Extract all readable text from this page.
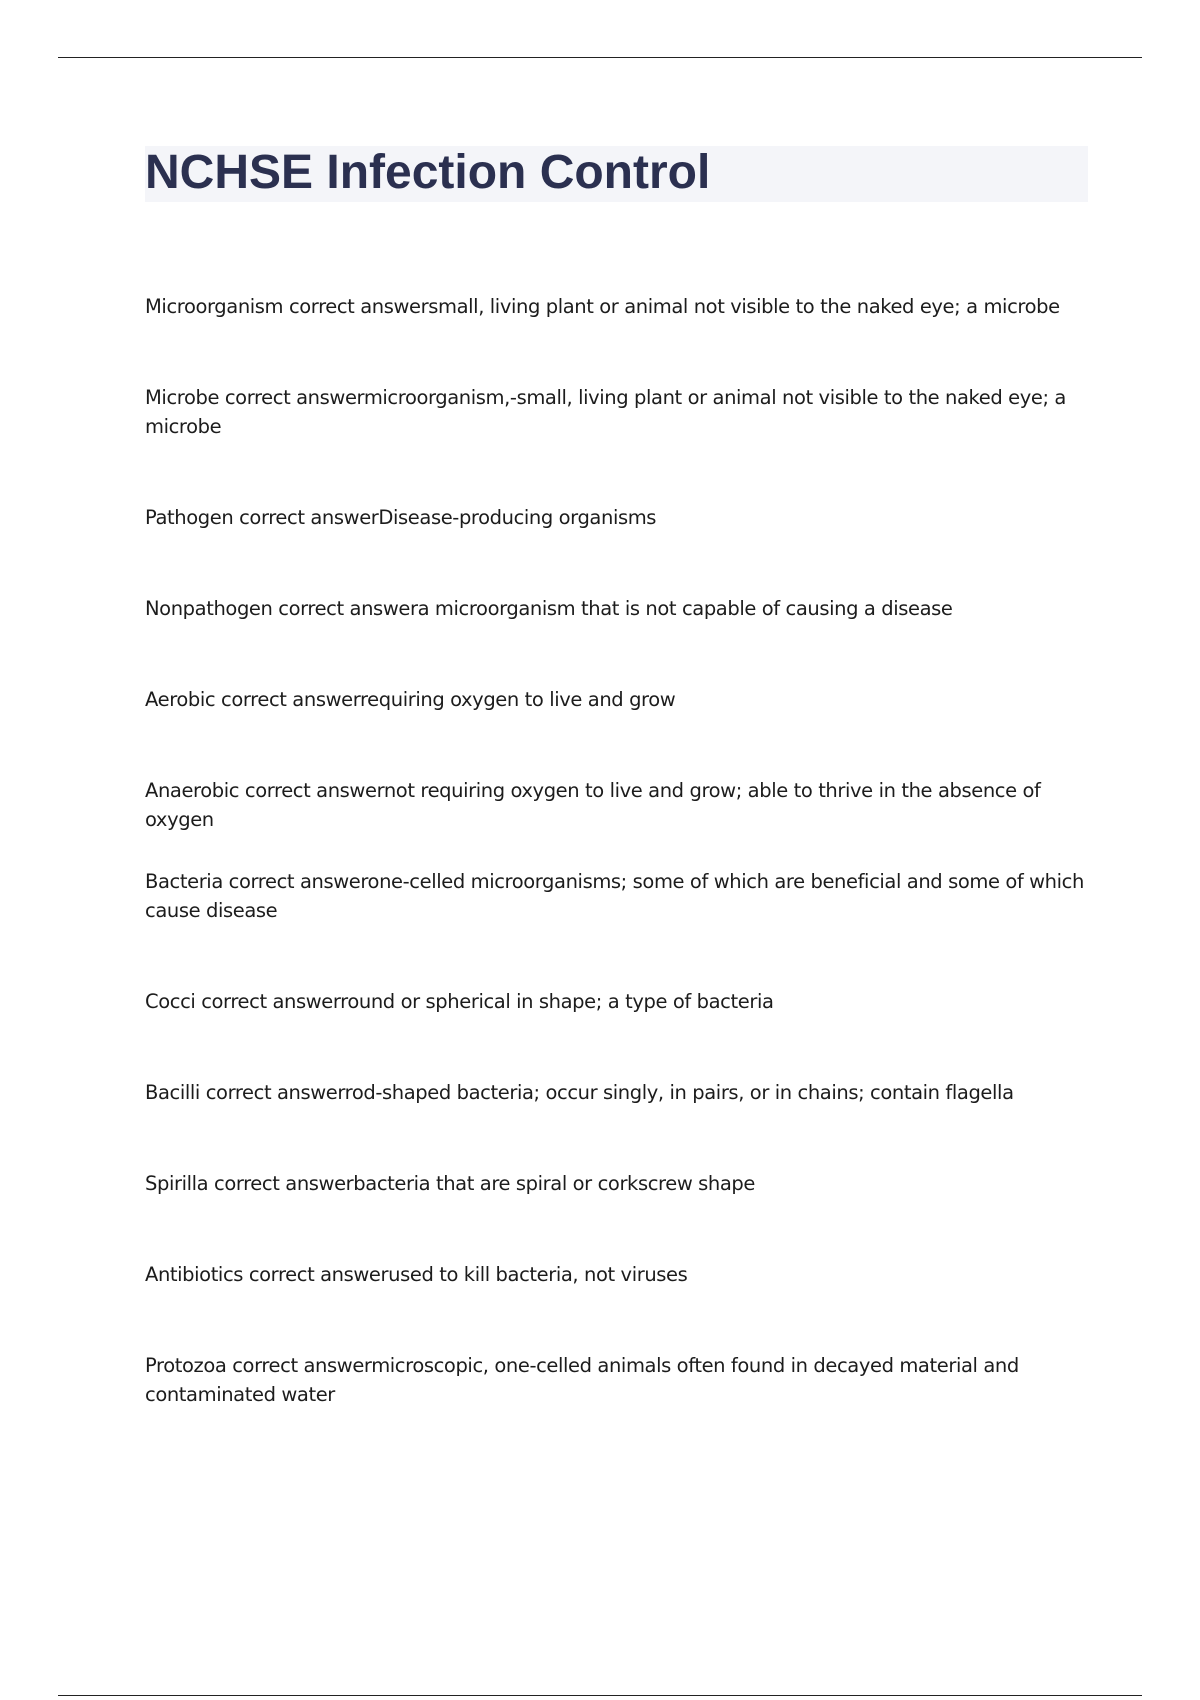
NCHSE Infection Control
Microorganism correct answersmall, living plant or animal not visible to the naked eye; a microbe
Microbe correct answermicroorganism,-small, living plant or animal not visible to the naked eye; a microbe
Pathogen correct answerDisease-producing organisms
Nonpathogen correct answera microorganism that is not capable of causing a disease
Aerobic correct answerrequiring oxygen to live and grow
Anaerobic correct answernot requiring oxygen to live and grow; able to thrive in the absence of oxygen
Bacteria correct answerone-celled microorganisms; some of which are beneficial and some of which cause disease
Cocci correct answerround or spherical in shape; a type of bacteria
Bacilli correct answerrod-shaped bacteria; occur singly, in pairs, or in chains; contain flagella
Spirilla correct answerbacteria that are spiral or corkscrew shape
Antibiotics correct answerused to kill bacteria, not viruses
Protozoa correct answermicroscopic, one-celled animals often found in decayed material and contaminated water
